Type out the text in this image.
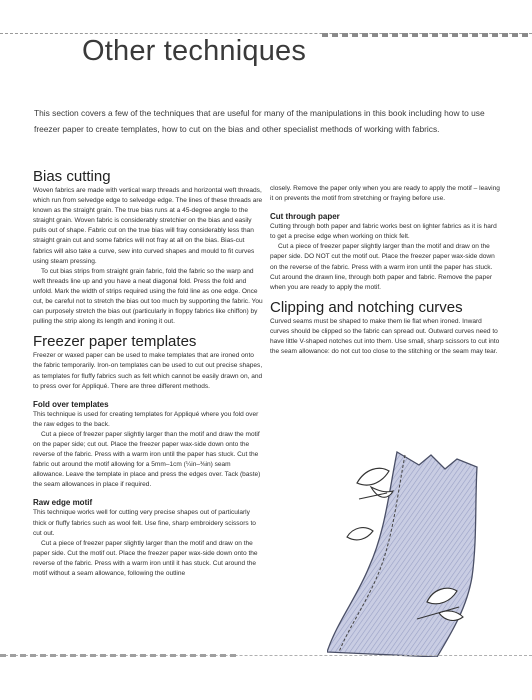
Other techniques

This section covers a few of the techniques that are useful for many of the manipulations in this book including how to use freezer paper to create templates, how to cut on the bias and other specialist methods of working with fabrics.

Bias cutting

Woven fabrics are made with vertical warp threads and horizontal weft threads, which run from selvedge edge to selvedge edge. The lines of these threads are known as the straight grain. The true bias runs at a 45-degree angle to the straight grain. Woven fabric is considerably stretchier on the bias and easily pulls out of shape. Fabric cut on the true bias will fray considerably less than straight grain cut and some fabrics will not fray at all on the bias. Bias-cut fabrics will also take a curve, sew into curved shapes and mould to fit curves using steam pressing.

To cut bias strips from straight grain fabric, fold the fabric so the warp and weft threads line up and you have a neat diagonal fold. Press the fold and unfold. Mark the width of strips required using the fold line as one edge. Once cut, be careful not to stretch the bias out too much by supporting the fabric. You can purposely stretch the bias out (particularly in floppy fabrics like chiffon) by pulling the strip along its length and ironing it out.

Freezer paper templates

Freezer or waxed paper can be used to make templates that are ironed onto the fabric temporarily. Iron-on templates can be used to cut out precise shapes, as templates for fluffy fabrics such as felt which cannot be easily drawn on, and to press over for Appliqué. There are three different methods.

Fold over templates

This technique is used for creating templates for Appliqué where you fold over the raw edges to the back.

Cut a piece of freezer paper slightly larger than the motif and draw the motif on the paper side; cut out. Place the freezer paper wax-side down onto the reverse of the fabric. Press with a warm iron until the paper has stuck. Cut the fabric out around the motif allowing for a 5mm–1cm (¼in–⅜in) seam allowance. Leave the template in place and press the edges over. Tack (baste) the seam allowances in place if required.

Raw edge motif

This technique works well for cutting very precise shapes out of particularly thick or fluffy fabrics such as wool felt. Use fine, sharp embroidery scissors to cut out.

Cut a piece of freezer paper slightly larger than the motif and draw on the paper side. Cut the motif out. Place the freezer paper wax-side down onto the reverse of the fabric. Press with a warm iron until it has stuck. Cut around the motif without a seam allowance, following the outline

closely. Remove the paper only when you are ready to apply the motif – leaving it on prevents the motif from stretching or fraying before use.

Cut through paper

Cutting through both paper and fabric works best on lighter fabrics as it is hard to get a precise edge when working on thick felt.

Cut a piece of freezer paper slightly larger than the motif and draw on the paper side. DO NOT cut the motif out. Place the freezer paper wax-side down on the reverse of the fabric. Press with a warm iron until the paper has stuck. Cut around the drawn line, through both paper and fabric. Remove the paper when you are ready to apply the motif.

Clipping and notching curves

Curved seams must be shaped to make them lie flat when ironed. Inward curves should be clipped so the fabric can spread out. Outward curves need to have little V-shaped notches cut into them. Use small, sharp scissors to cut into the seam allowance: do not cut too close to the stitching or the seam may tear.
